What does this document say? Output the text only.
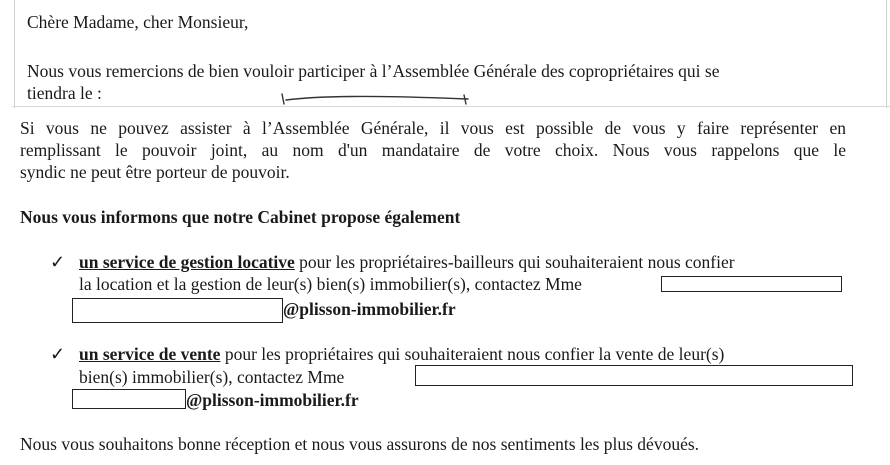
Chère Madame, cher Monsieur,
Nous vous remercions de bien vouloir participer à l’Assemblée Générale des copropriétaires qui se
tiendra le :
Si vous ne pouvez assister à l’Assemblée Générale, il vous est possible de vous y faire représenter en
remplissant le pouvoir joint, au nom d'un mandataire de votre choix. Nous vous rappelons que le
syndic ne peut être porteur de pouvoir.
Nous vous informons que notre Cabinet propose également
✓ un service de gestion locative pour les propriétaires-bailleurs qui souhaiteraient nous confier
la location et la gestion de leur(s) bien(s) immobilier(s), contactez Mme
@plisson-immobilier.fr
✓ un service de vente pour les propriétaires qui souhaiteraient nous confier la vente de leur(s)
bien(s) immobilier(s), contactez Mme
@plisson-immobilier.fr
Nous vous souhaitons bonne réception et nous vous assurons de nos sentiments les plus dévoués.
